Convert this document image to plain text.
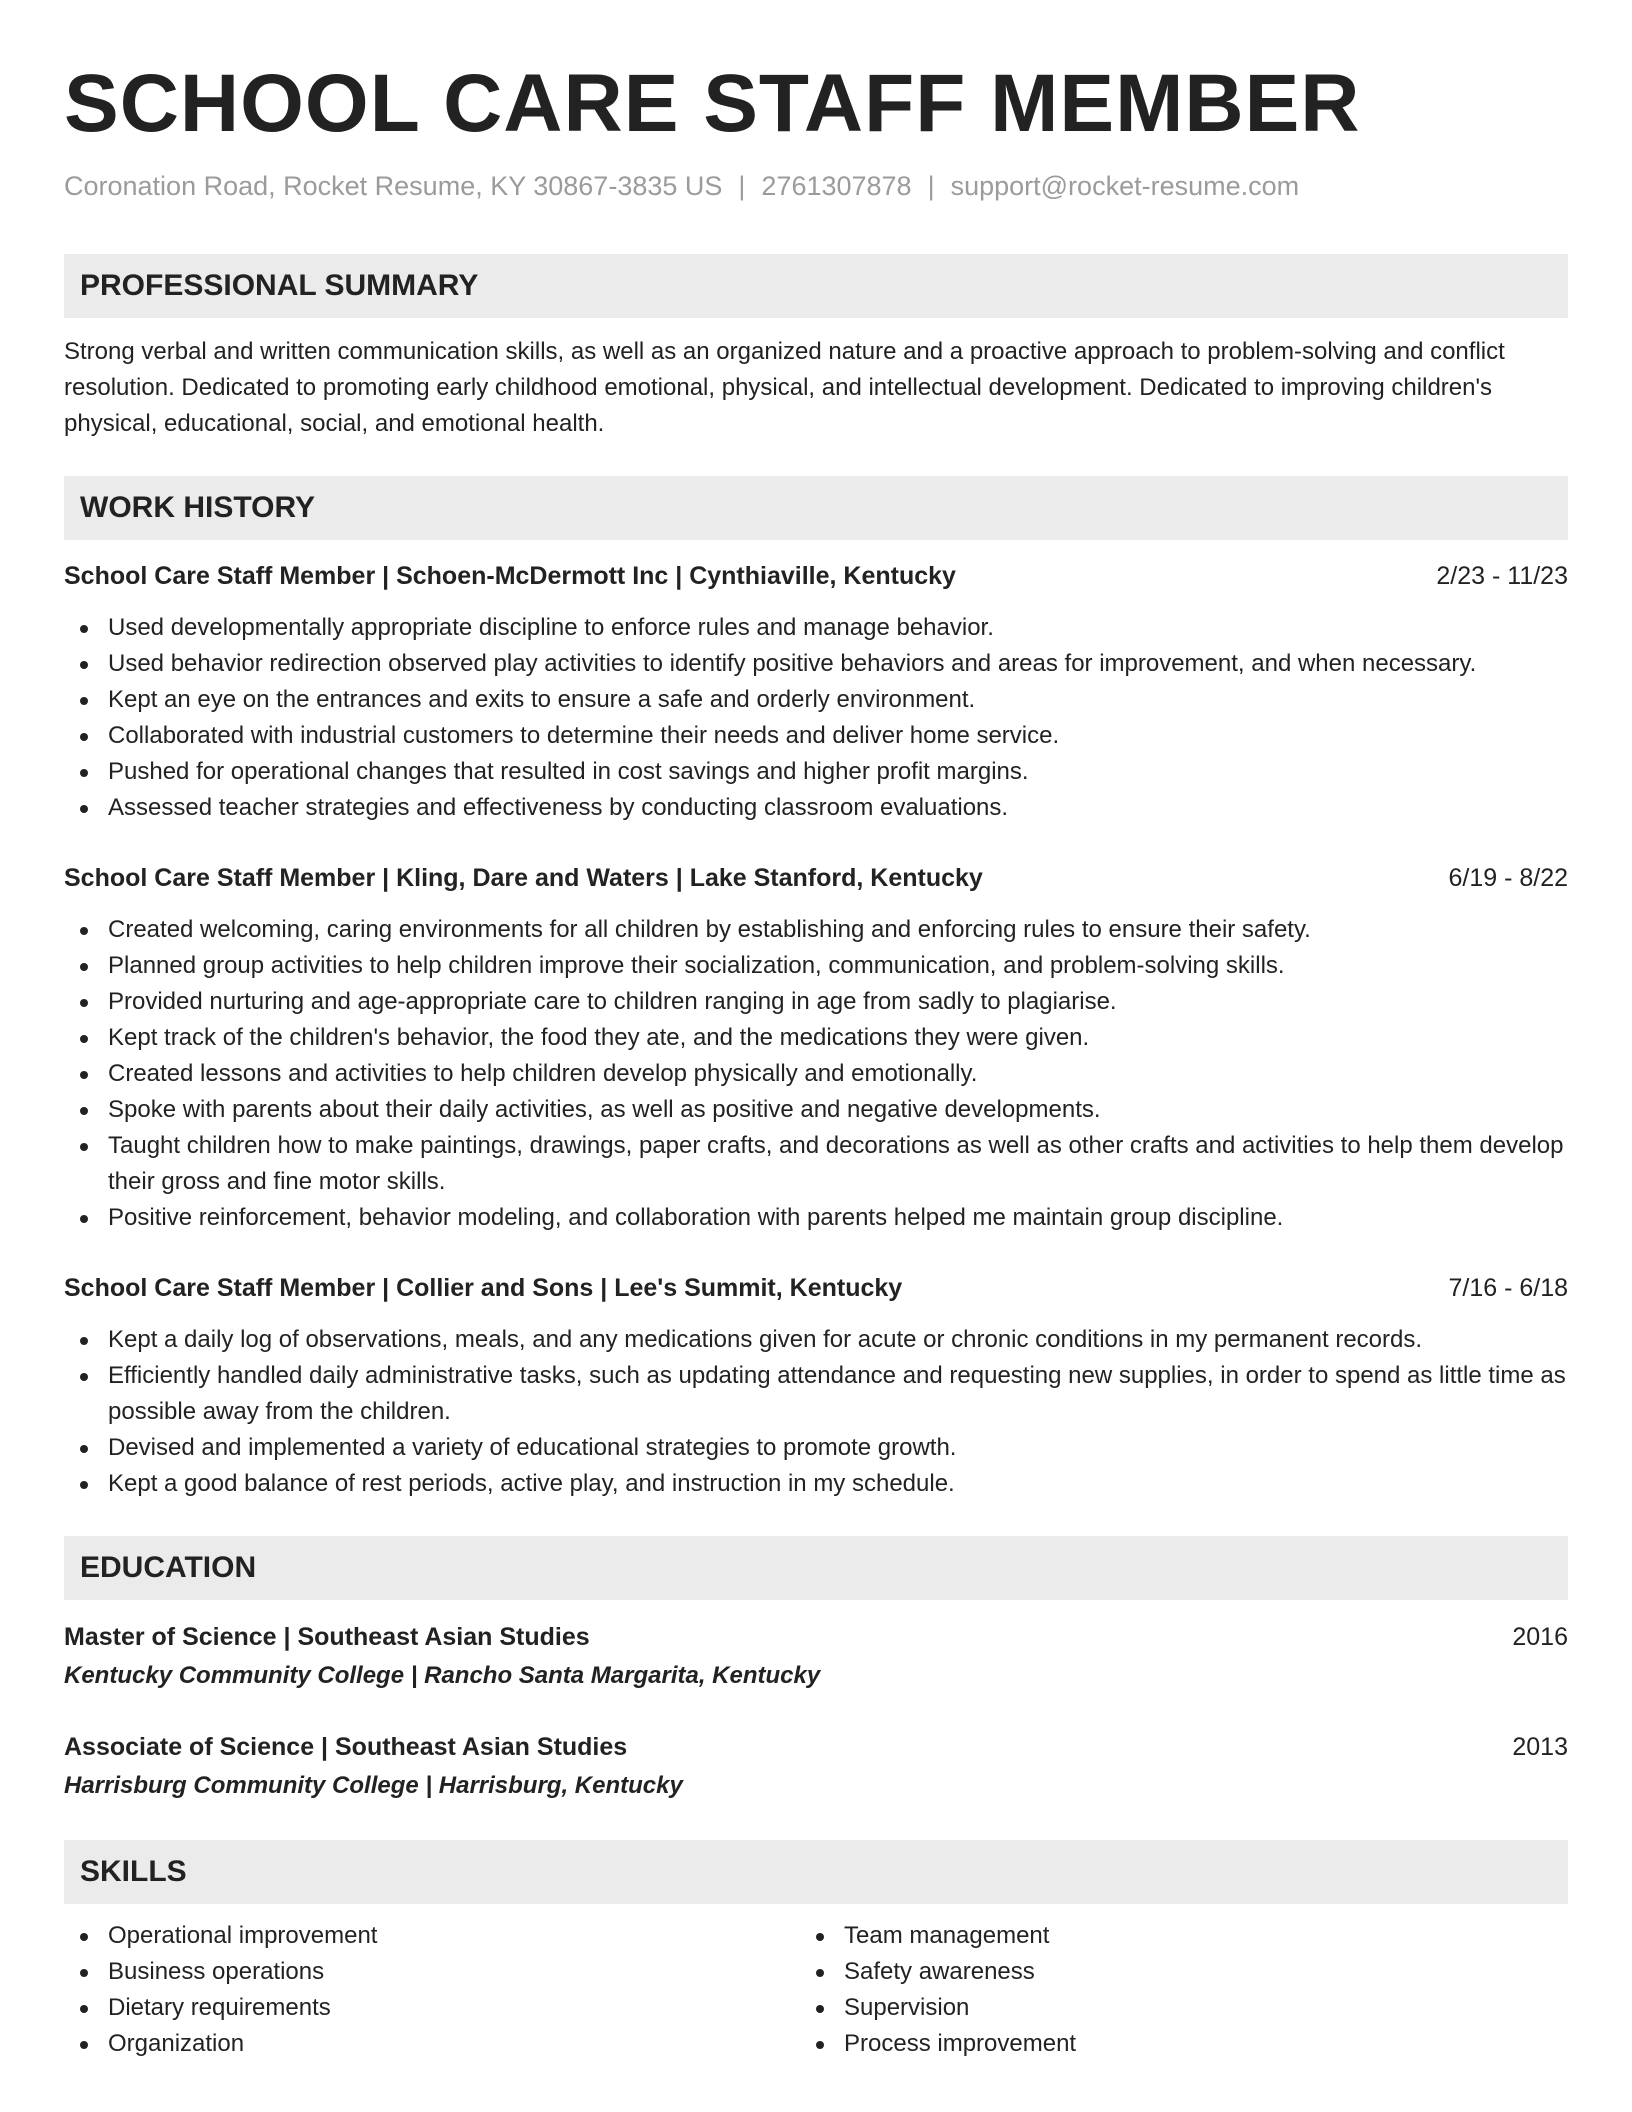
SCHOOL CARE STAFF MEMBER
Coronation Road, Rocket Resume, KY 30867-3835 US | 2761307878 | support@rocket-resume.com
PROFESSIONAL SUMMARY
Strong verbal and written communication skills, as well as an organized nature and a proactive approach to problem-solving and conflict resolution. Dedicated to promoting early childhood emotional, physical, and intellectual development. Dedicated to improving children's physical, educational, social, and emotional health.
WORK HISTORY
School Care Staff Member | Schoen-McDermott Inc | Cynthiaville, Kentucky	2/23 - 11/23
Used developmentally appropriate discipline to enforce rules and manage behavior.
Used behavior redirection observed play activities to identify positive behaviors and areas for improvement, and when necessary.
Kept an eye on the entrances and exits to ensure a safe and orderly environment.
Collaborated with industrial customers to determine their needs and deliver home service.
Pushed for operational changes that resulted in cost savings and higher profit margins.
Assessed teacher strategies and effectiveness by conducting classroom evaluations.
School Care Staff Member | Kling, Dare and Waters | Lake Stanford, Kentucky	6/19 - 8/22
Created welcoming, caring environments for all children by establishing and enforcing rules to ensure their safety.
Planned group activities to help children improve their socialization, communication, and problem-solving skills.
Provided nurturing and age-appropriate care to children ranging in age from sadly to plagiarise.
Kept track of the children's behavior, the food they ate, and the medications they were given.
Created lessons and activities to help children develop physically and emotionally.
Spoke with parents about their daily activities, as well as positive and negative developments.
Taught children how to make paintings, drawings, paper crafts, and decorations as well as other crafts and activities to help them develop their gross and fine motor skills.
Positive reinforcement, behavior modeling, and collaboration with parents helped me maintain group discipline.
School Care Staff Member | Collier and Sons | Lee's Summit, Kentucky	7/16 - 6/18
Kept a daily log of observations, meals, and any medications given for acute or chronic conditions in my permanent records.
Efficiently handled daily administrative tasks, such as updating attendance and requesting new supplies, in order to spend as little time as possible away from the children.
Devised and implemented a variety of educational strategies to promote growth.
Kept a good balance of rest periods, active play, and instruction in my schedule.
EDUCATION
Master of Science | Southeast Asian Studies	2016
Kentucky Community College | Rancho Santa Margarita, Kentucky
Associate of Science | Southeast Asian Studies	2013
Harrisburg Community College | Harrisburg, Kentucky
SKILLS
Operational improvement
Business operations
Dietary requirements
Organization
Team management
Safety awareness
Supervision
Process improvement
